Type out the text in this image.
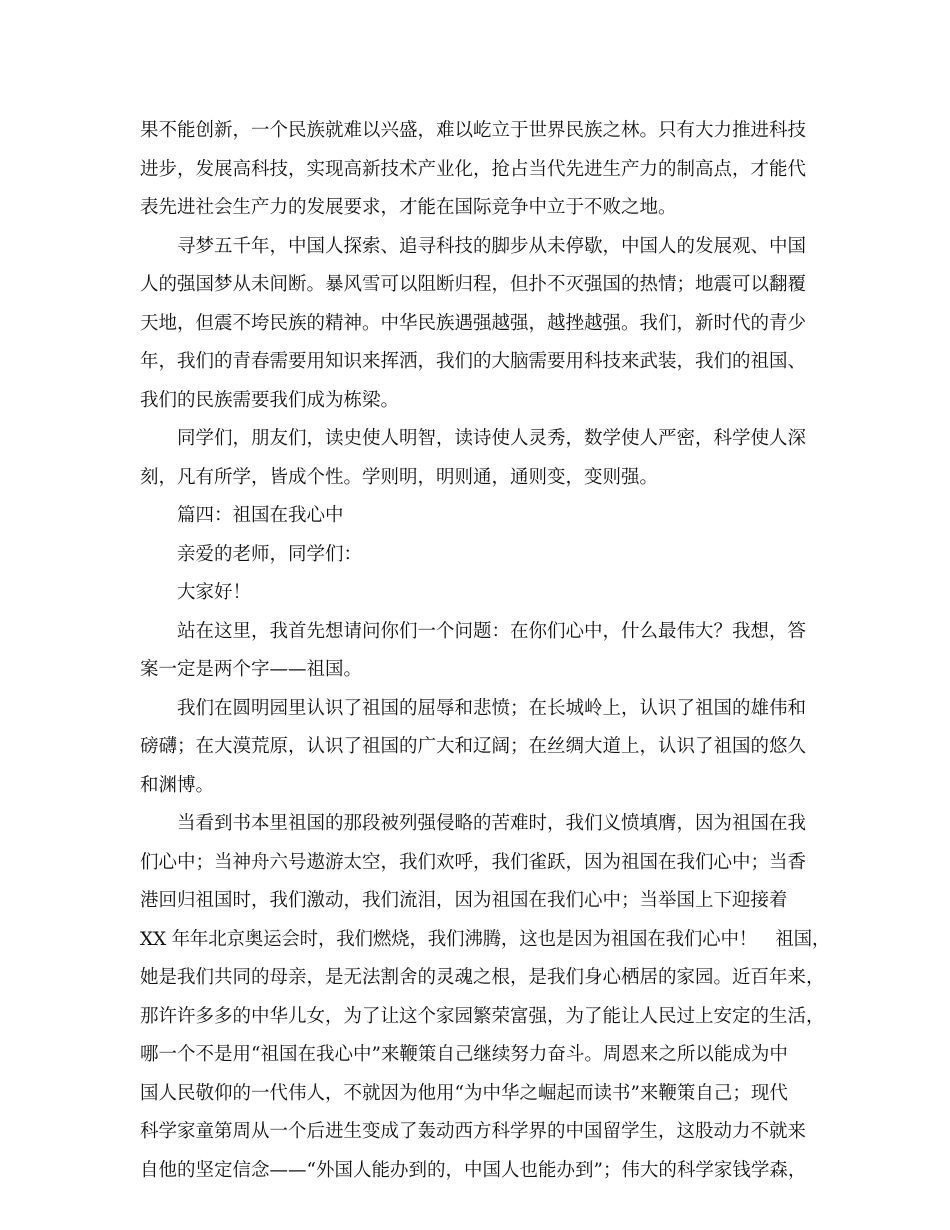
果不能创新，一个民族就难以兴盛，难以屹立于世界民族之林。只有大力推进科技
进步，发展高科技，实现高新技术产业化，抢占当代先进生产力的制高点，才能代
表先进社会生产力的发展要求，才能在国际竞争中立于不败之地。
寻梦五千年，中国人探索、追寻科技的脚步从未停歇，中国人的发展观、中国
人的强国梦从未间断。暴风雪可以阻断归程，但扑不灭强国的热情；地震可以翻覆
天地，但震不垮民族的精神。中华民族遇强越强，越挫越强。我们，新时代的青少
年，我们的青春需要用知识来挥洒，我们的大脑需要用科技来武装，我们的祖国、
我们的民族需要我们成为栋梁。
同学们，朋友们，读史使人明智，读诗使人灵秀，数学使人严密，科学使人深
刻，凡有所学，皆成个性。学则明，明则通，通则变，变则强。
篇四：祖国在我心中
亲爱的老师，同学们：
大家好！
站在这里，我首先想请问你们一个问题：在你们心中，什么最伟大？我想，答
案一定是两个字——祖国。
我们在圆明园里认识了祖国的屈辱和悲愤；在长城岭上，认识了祖国的雄伟和
磅礴；在大漠荒原，认识了祖国的广大和辽阔；在丝绸大道上，认识了祖国的悠久
和渊博。
当看到书本里祖国的那段被列强侵略的苦难时，我们义愤填膺，因为祖国在我
们心中；当神舟六号遨游太空，我们欢呼，我们雀跃，因为祖国在我们心中；当香
港回归祖国时，我们激动，我们流泪，因为祖国在我们心中；当举国上下迎接着
XX 年年北京奥运会时，我们燃烧，我们沸腾，这也是因为祖国在我们心中！　祖国，
她是我们共同的母亲，是无法割舍的灵魂之根，是我们身心栖居的家园。近百年来，
那许许多多的中华儿女，为了让这个家园繁荣富强，为了能让人民过上安定的生活，
哪一个不是用“祖国在我心中”来鞭策自己继续努力奋斗。周恩来之所以能成为中
国人民敬仰的一代伟人，不就因为他用“为中华之崛起而读书”来鞭策自己；现代
科学家童第周从一个后进生变成了轰动西方科学界的中国留学生，这股动力不就来
自他的坚定信念——“外国人能办到的，中国人也能办到”；伟大的科学家钱学森，
